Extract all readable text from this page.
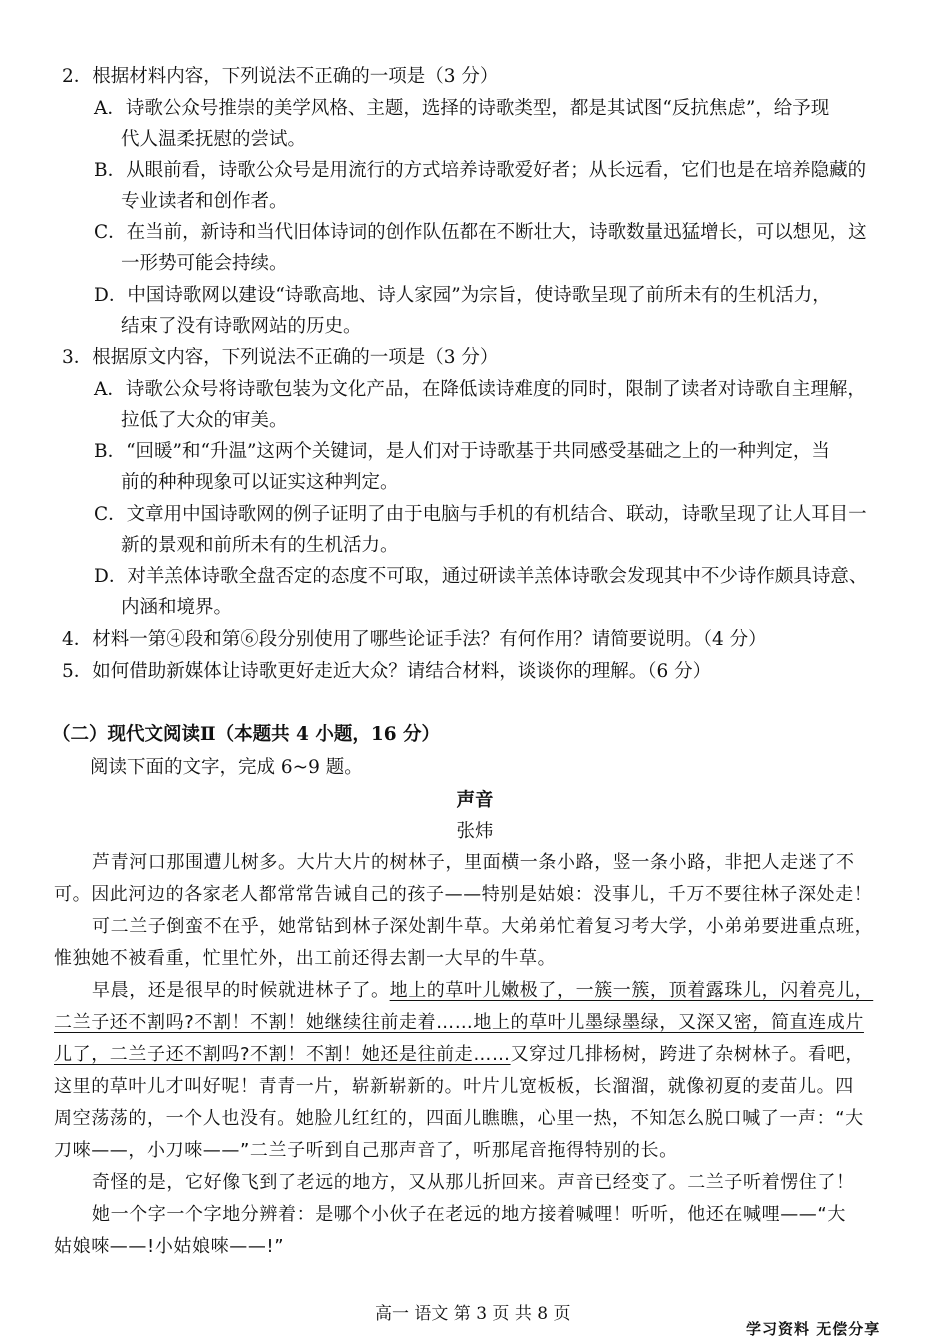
2．根据材料内容，下列说法不正确的一项是（3 分）
A．诗歌公众号推崇的美学风格、主题，选择的诗歌类型，都是其试图“反抗焦虑”，给予现
代人温柔抚慰的尝试。
B．从眼前看，诗歌公众号是用流行的方式培养诗歌爱好者；从长远看，它们也是在培养隐藏的
专业读者和创作者。
C．在当前，新诗和当代旧体诗词的创作队伍都在不断壮大，诗歌数量迅猛增长，可以想见，这
一形势可能会持续。
D．中国诗歌网以建设“诗歌高地、诗人家园”为宗旨，使诗歌呈现了前所未有的生机活力，
结束了没有诗歌网站的历史。
3．根据原文内容，下列说法不正确的一项是（3 分）
A．诗歌公众号将诗歌包装为文化产品，在降低读诗难度的同时，限制了读者对诗歌自主理解，
拉低了大众的审美。
B．“回暖”和“升温”这两个关键词，是人们对于诗歌基于共同感受基础之上的一种判定，当
前的种种现象可以证实这种判定。
C．文章用中国诗歌网的例子证明了由于电脑与手机的有机结合、联动，诗歌呈现了让人耳目一
新的景观和前所未有的生机活力。
D．对羊羔体诗歌全盘否定的态度不可取，通过研读羊羔体诗歌会发现其中不少诗作颇具诗意、
内涵和境界。
4．材料一第④段和第⑥段分别使用了哪些论证手法？有何作用？请简要说明。（4 分）
5．如何借助新媒体让诗歌更好走近大众？请结合材料，谈谈你的理解。（6 分）
（二）现代文阅读Ⅱ（本题共 4 小题，16 分）
阅读下面的文字，完成 6~9 题。
声音
张炜
芦青河口那围遭儿树多。大片大片的树林子，里面横一条小路，竖一条小路，非把人走迷了不
可。因此河边的各家老人都常常告诫自己的孩子——特别是姑娘：没事儿，千万不要往林子深处走！
可二兰子倒蛮不在乎，她常钻到林子深处割牛草。大弟弟忙着复习考大学，小弟弟要进重点班，
惟独她不被看重，忙里忙外，出工前还得去割一大早的牛草。
早晨，还是很早的时候就进林子了。地上的草叶儿嫩极了，一簇一簇，顶着露珠儿，闪着亮儿，
二兰子还不割吗?不割！不割！她继续往前走着……地上的草叶儿墨绿墨绿，又深又密，简直连成片
儿了，二兰子还不割吗?不割！不割！她还是往前走……又穿过几排杨树，跨进了杂树林子。看吧，
这里的草叶儿才叫好呢！青青一片，崭新崭新的。叶片儿宽板板，长溜溜，就像初夏的麦苗儿。四
周空荡荡的，一个人也没有。她脸儿红红的，四面儿瞧瞧，心里一热，不知怎么脱口喊了一声：“大
刀唻——，小刀唻——”二兰子听到自己那声音了，听那尾音拖得特别的长。
奇怪的是，它好像飞到了老远的地方，又从那儿折回来。声音已经变了。二兰子听着愣住了！
她一个字一个字地分辨着：是哪个小伙子在老远的地方接着喊哩！听听，他还在喊哩——“大
姑娘唻——!小姑娘唻——!”
高一 语文 第 3 页 共 8 页
学习资料 无偿分享
